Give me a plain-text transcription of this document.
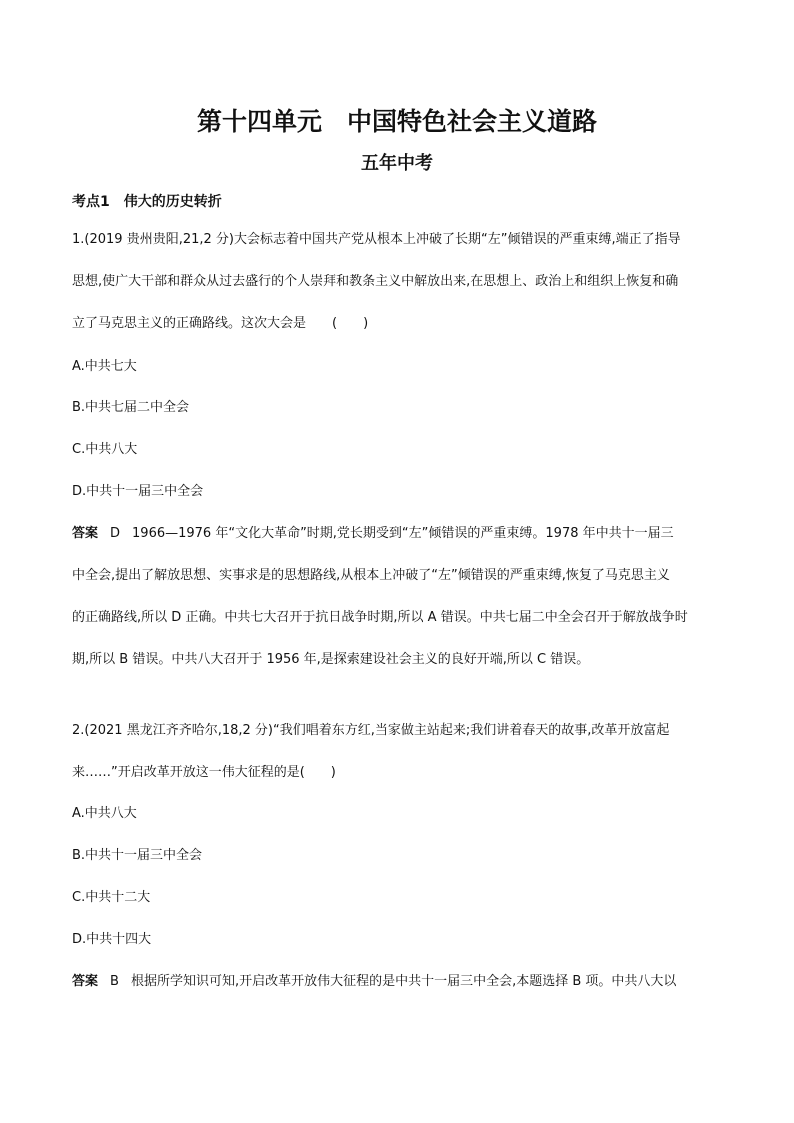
第十四单元　中国特色社会主义道路
五年中考
考点1　伟大的历史转折
1.(2019 贵州贵阳,21,2 分)大会标志着中国共产党从根本上冲破了长期“左”倾错误的严重束缚,端正了指导
思想,使广大干部和群众从过去盛行的个人崇拜和教条主义中解放出来,在思想上、政治上和组织上恢复和确
立了马克思主义的正确路线。这次大会是　　(　　)
A.中共七大
B.中共七届二中全会
C.中共八大
D.中共十一届三中全会
答案 D 1966—1976 年“文化大革命”时期,党长期受到“左”倾错误的严重束缚。1978 年中共十一届三
中全会,提出了解放思想、实事求是的思想路线,从根本上冲破了“左”倾错误的严重束缚,恢复了马克思主义
的正确路线,所以 D 正确。中共七大召开于抗日战争时期,所以 A 错误。中共七届二中全会召开于解放战争时
期,所以 B 错误。中共八大召开于 1956 年,是探索建设社会主义的良好开端,所以 C 错误。
2.(2021 黑龙江齐齐哈尔,18,2 分)“我们唱着东方红,当家做主站起来;我们讲着春天的故事,改革开放富起
来……”开启改革开放这一伟大征程的是(　　)
A.中共八大
B.中共十一届三中全会
C.中共十二大
D.中共十四大
答案 B 根据所学知识可知,开启改革开放伟大征程的是中共十一届三中全会,本题选择 B 项。中共八大以
